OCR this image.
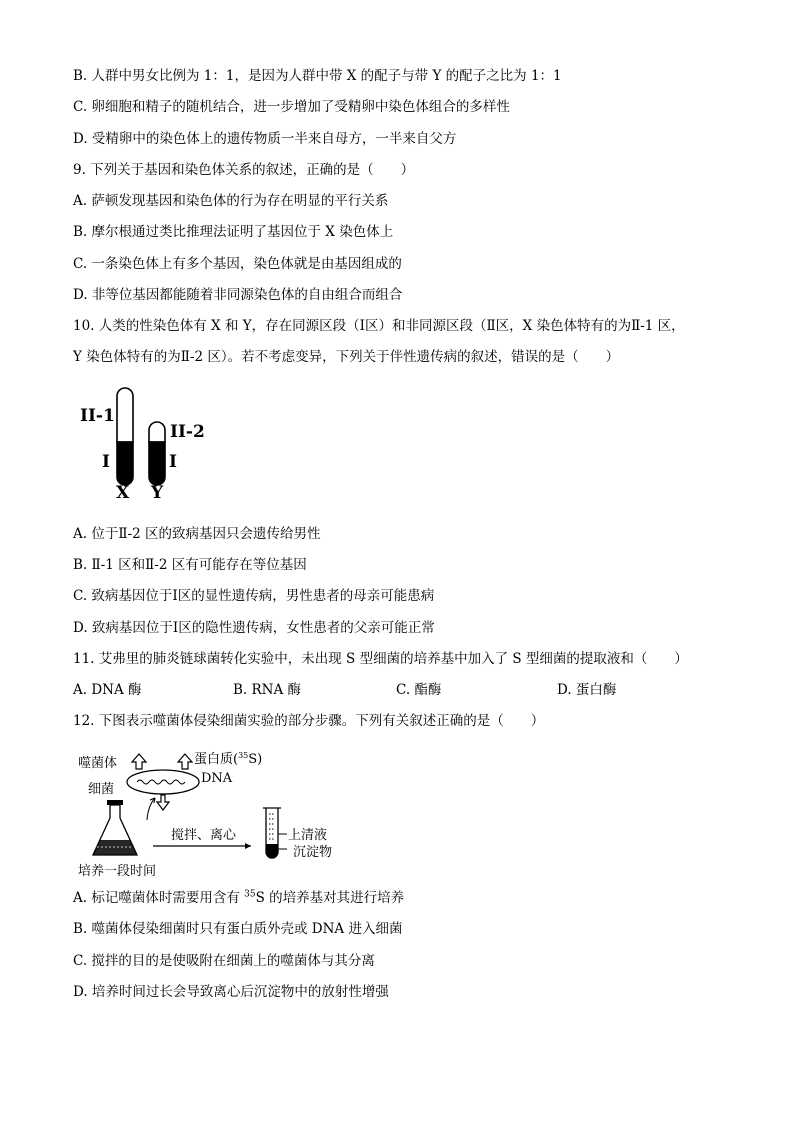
B. 人群中男女比例为 1：1，是因为人群中带 X 的配子与带 Y 的配子之比为 1：1
C. 卵细胞和精子的随机结合，进一步增加了受精卵中染色体组合的多样性
D. 受精卵中的染色体上的遗传物质一半来自母方，一半来自父方
9. 下列关于基因和染色体关系的叙述，正确的是（　　）
A. 萨顿发现基因和染色体的行为存在明显的平行关系
B. 摩尔根通过类比推理法证明了基因位于 X 染色体上
C. 一条染色体上有多个基因，染色体就是由基因组成的
D. 非等位基因都能随着非同源染色体的自由组合而组合
10. 人类的性染色体有 X 和 Y，存在同源区段（Ⅰ区）和非同源区段（Ⅱ区，X 染色体特有的为Ⅱ-1 区，
Y 染色体特有的为Ⅱ-2 区）。若不考虑变异，下列关于伴性遗传病的叙述，错误的是（　　）
II-1
II-2
I	I
X Y
A. 位于Ⅱ-2 区的致病基因只会遗传给男性
B. Ⅱ-1 区和Ⅱ-2 区有可能存在等位基因
C. 致病基因位于Ⅰ区的显性遗传病，男性患者的母亲可能患病
D. 致病基因位于Ⅰ区的隐性遗传病，女性患者的父亲可能正常
11. 艾弗里的肺炎链球菌转化实验中，未出现 S 型细菌的培养基中加入了 S 型细菌的提取液和（　　）
A. DNA 酶	B. RNA 酶	C. 酯酶	D. 蛋白酶
12. 下图表示噬菌体侵染细菌实验的部分步骤。下列有关叙述正确的是（　　）
噬菌体	蛋白质($^{35}$S)
DNA
细菌
搅拌、离心	上清液
沉淀物
培养一段时间
A. 标记噬菌体时需要用含有 $^{35}$S 的培养基对其进行培养
B. 噬菌体侵染细菌时只有蛋白质外壳或 DNA 进入细菌
C. 搅拌的目的是使吸附在细菌上的噬菌体与其分离
D. 培养时间过长会导致离心后沉淀物中的放射性增强
